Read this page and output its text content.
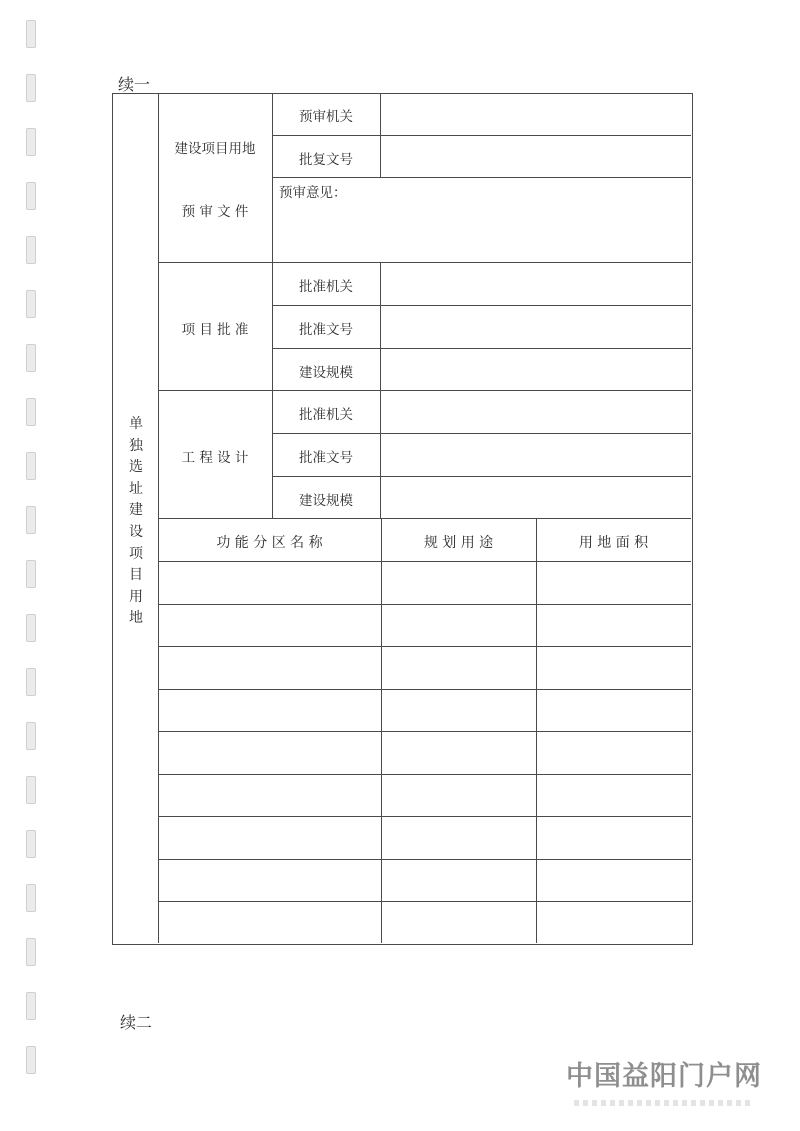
续一
续二
单
独
选
址
建
设
项
目
用
地
建设项目用地
预 审 文 件
预审机关
批复文号
预审意见：
项 目 批 准
批准机关
批准文号
建设规模
工 程 设 计
批准机关
批准文号
建设规模
功 能 分 区 名 称	规 划 用 途	用 地 面 积
中国益阳门户网
